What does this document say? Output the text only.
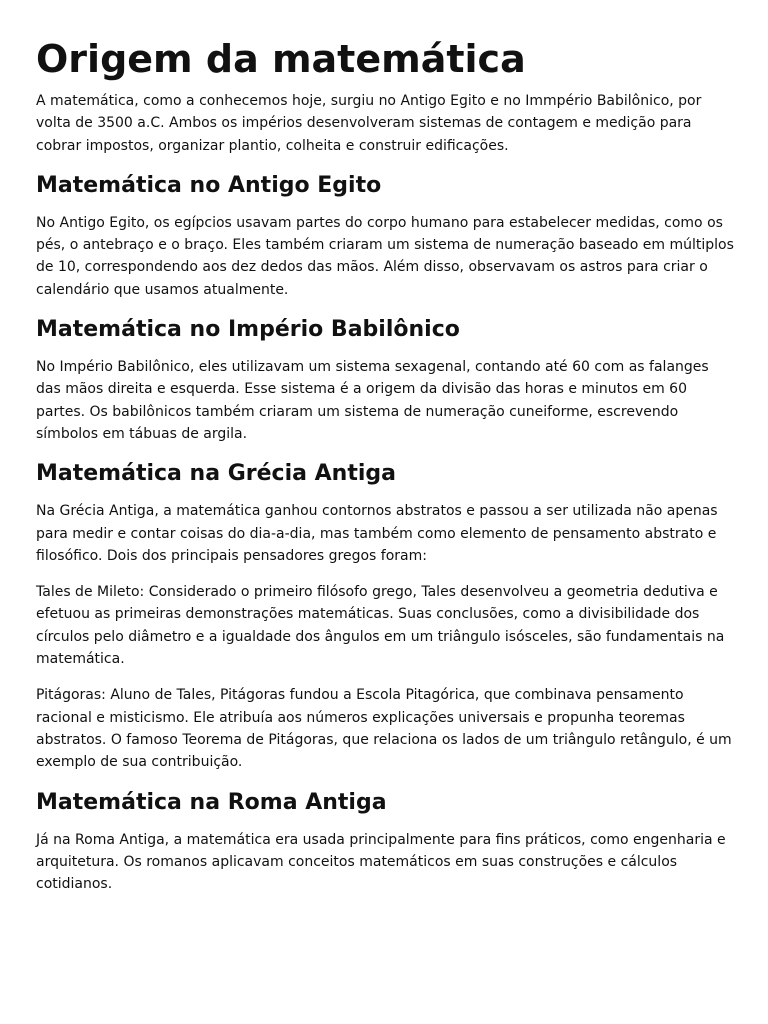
Origem da matemática

A matemática, como a conhecemos hoje, surgiu no Antigo Egito e no Immpério Babilônico, por volta de 3500 a.C. Ambos os impérios desenvolveram sistemas de contagem e medição para cobrar impostos, organizar plantio, colheita e construir edificações.

Matemática no Antigo Egito

No Antigo Egito, os egípcios usavam partes do corpo humano para estabelecer medidas, como os pés, o antebraço e o braço. Eles também criaram um sistema de numeração baseado em múltiplos de 10, correspondendo aos dez dedos das mãos. Além disso, observavam os astros para criar o calendário que usamos atualmente.

Matemática no Império Babilônico

No Império Babilônico, eles utilizavam um sistema sexagenal, contando até 60 com as falanges das mãos direita e esquerda. Esse sistema é a origem da divisão das horas e minutos em 60 partes. Os babilônicos também criaram um sistema de numeração cuneiforme, escrevendo símbolos em tábuas de argila.

Matemática na Grécia Antiga

Na Grécia Antiga, a matemática ganhou contornos abstratos e passou a ser utilizada não apenas para medir e contar coisas do dia-a-dia, mas também como elemento de pensamento abstrato e filosófico. Dois dos principais pensadores gregos foram:

Tales de Mileto: Considerado o primeiro filósofo grego, Tales desenvolveu a geometria dedutiva e efetuou as primeiras demonstrações matemáticas. Suas conclusões, como a divisibilidade dos círculos pelo diâmetro e a igualdade dos ângulos em um triângulo isósceles, são fundamentais na matemática.

Pitágoras: Aluno de Tales, Pitágoras fundou a Escola Pitagórica, que combinava pensamento racional e misticismo. Ele atribuía aos números explicações universais e propunha teoremas abstratos. O famoso Teorema de Pitágoras, que relaciona os lados de um triângulo retângulo, é um exemplo de sua contribuição.

Matemática na Roma Antiga

Já na Roma Antiga, a matemática era usada principalmente para fins práticos, como engenharia e arquitetura. Os romanos aplicavam conceitos matemáticos em suas construções e cálculos cotidianos.
